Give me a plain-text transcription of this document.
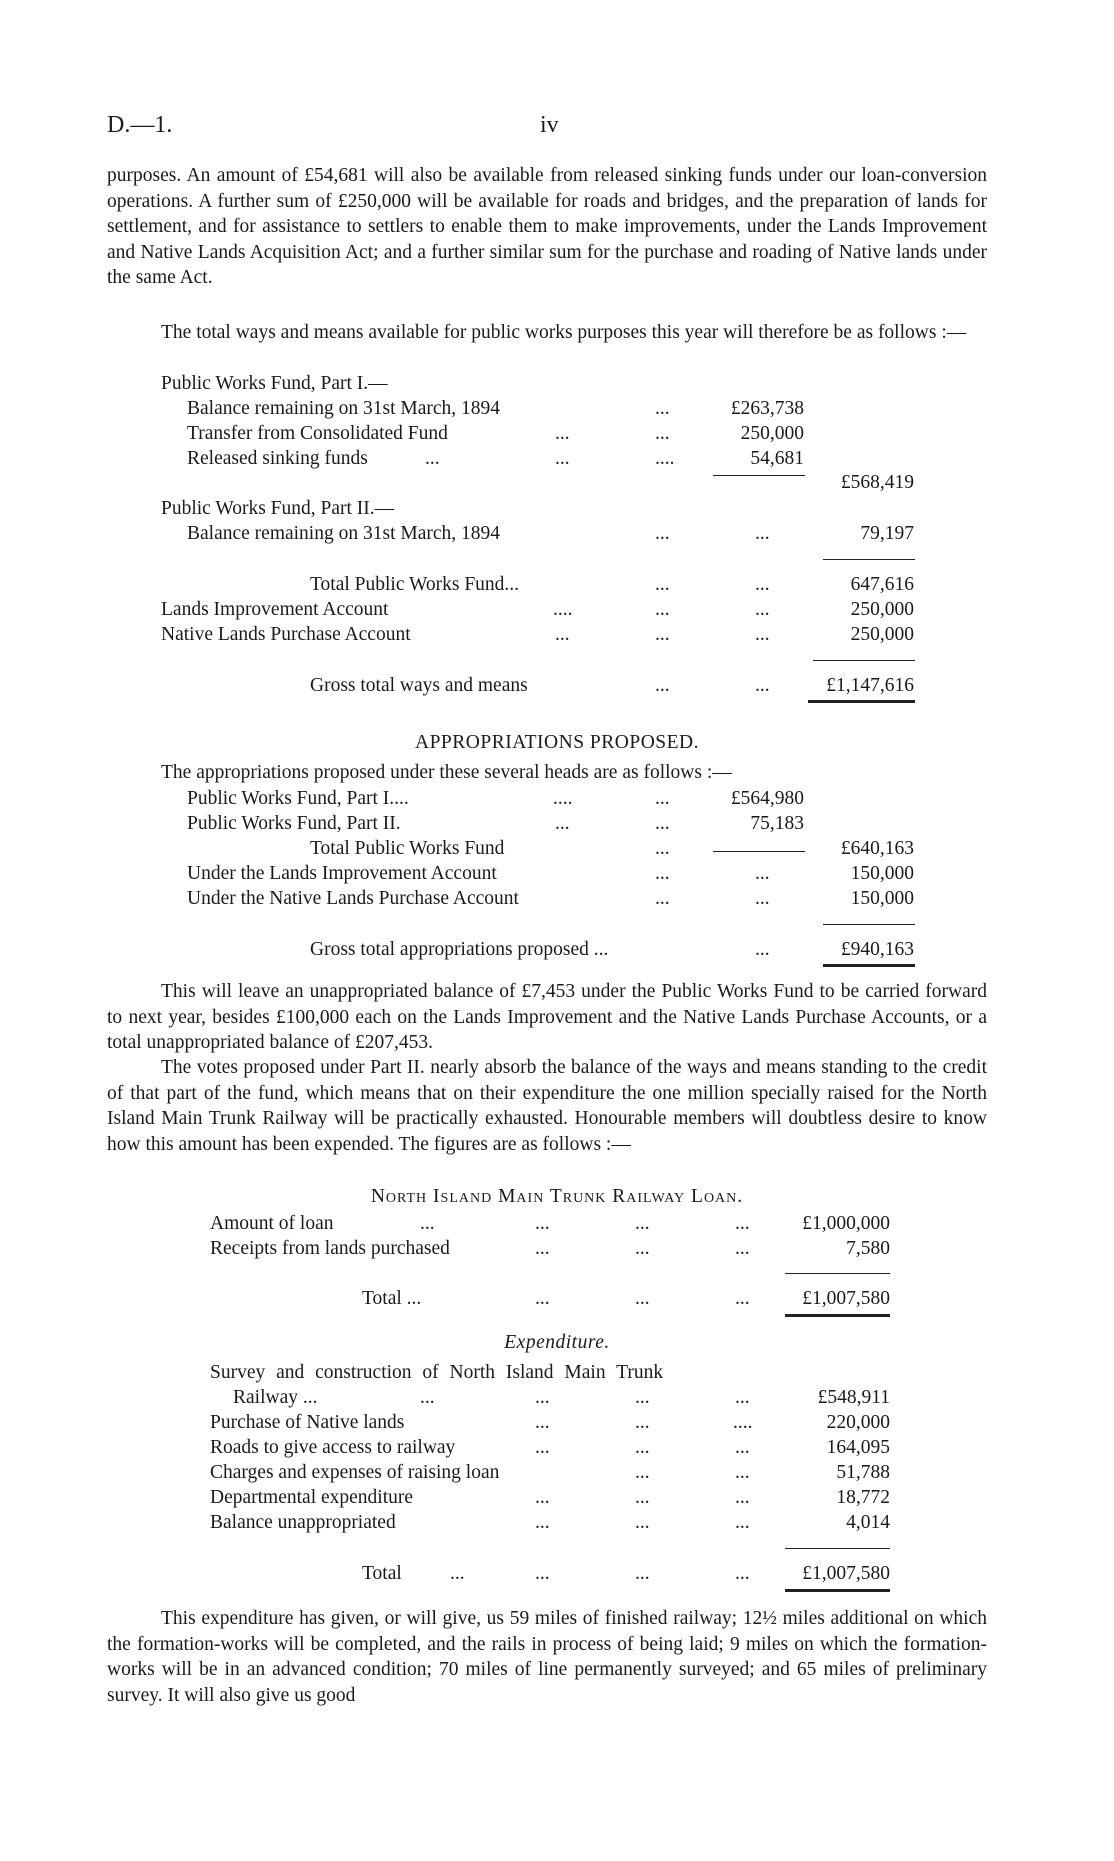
D.—1.	iv
purposes. An amount of £54,681 will also be available from released sinking funds under our loan-conversion operations. A further sum of £250,000 will be available for roads and bridges, and the preparation of lands for settlement, and for assistance to settlers to enable them to make improvements, under the Lands Improvement and Native Lands Acquisition Act; and a further similar sum for the purchase and roading of Native lands under the same Act.
The total ways and means available for public works purposes this year will therefore be as follows :—
Public Works Fund, Part I.—
Balance remaining on 31st March, 1894	...	£263,738
Transfer from Consolidated Fund	...	...	250,000
Released sinking funds	...	...	....	54,681
£568,419
Public Works Fund, Part II.—
Balance remaining on 31st March, 1894	...	...	79,197
Total Public Works Fund...	...	...	647,616
Lands Improvement Account	....	...	...	250,000
Native Lands Purchase Account	...	...	...	250,000
Gross total ways and means	...	...	£1,147,616
APPROPRIATIONS PROPOSED.
The appropriations proposed under these several heads are as follows :—
Public Works Fund, Part I....	....	...	£564,980
Public Works Fund, Part II.	...	...	75,183
Total Public Works Fund	...	£640,163
Under the Lands Improvement Account	...	...	150,000
Under the Native Lands Purchase Account	...	...	150,000
Gross total appropriations proposed ...	...	£940,163
This will leave an unappropriated balance of £7,453 under the Public Works Fund to be carried forward to next year, besides £100,000 each on the Lands Improvement and the Native Lands Purchase Accounts, or a total unappropriated balance of £207,453.
The votes proposed under Part II. nearly absorb the balance of the ways and means standing to the credit of that part of the fund, which means that on their expenditure the one million specially raised for the North Island Main Trunk Railway will be practically exhausted. Honourable members will doubtless desire to know how this amount has been expended. The figures are as follows :—
North Island Main Trunk Railway Loan.
Amount of loan	...	...	...	...	£1,000,000
Receipts from lands purchased	...	...	...	7,580
Total ...	...	...	...	£1,007,580
Expenditure.
Survey and construction of North Island Main Trunk
Railway ...	...	...	...	...	£548,911
Purchase of Native lands	...	...	....	220,000
Roads to give access to railway	...	...	...	164,095
Charges and expenses of raising loan	...	...	51,788
Departmental expenditure	...	...	...	18,772
Balance unappropriated	...	...	...	4,014
Total ...	...	...	...	£1,007,580
This expenditure has given, or will give, us 59 miles of finished railway; 12½ miles additional on which the formation-works will be completed, and the rails in process of being laid; 9 miles on which the formation-works will be in an advanced condition; 70 miles of line permanently surveyed; and 65 miles of preliminary survey. It will also give us good
